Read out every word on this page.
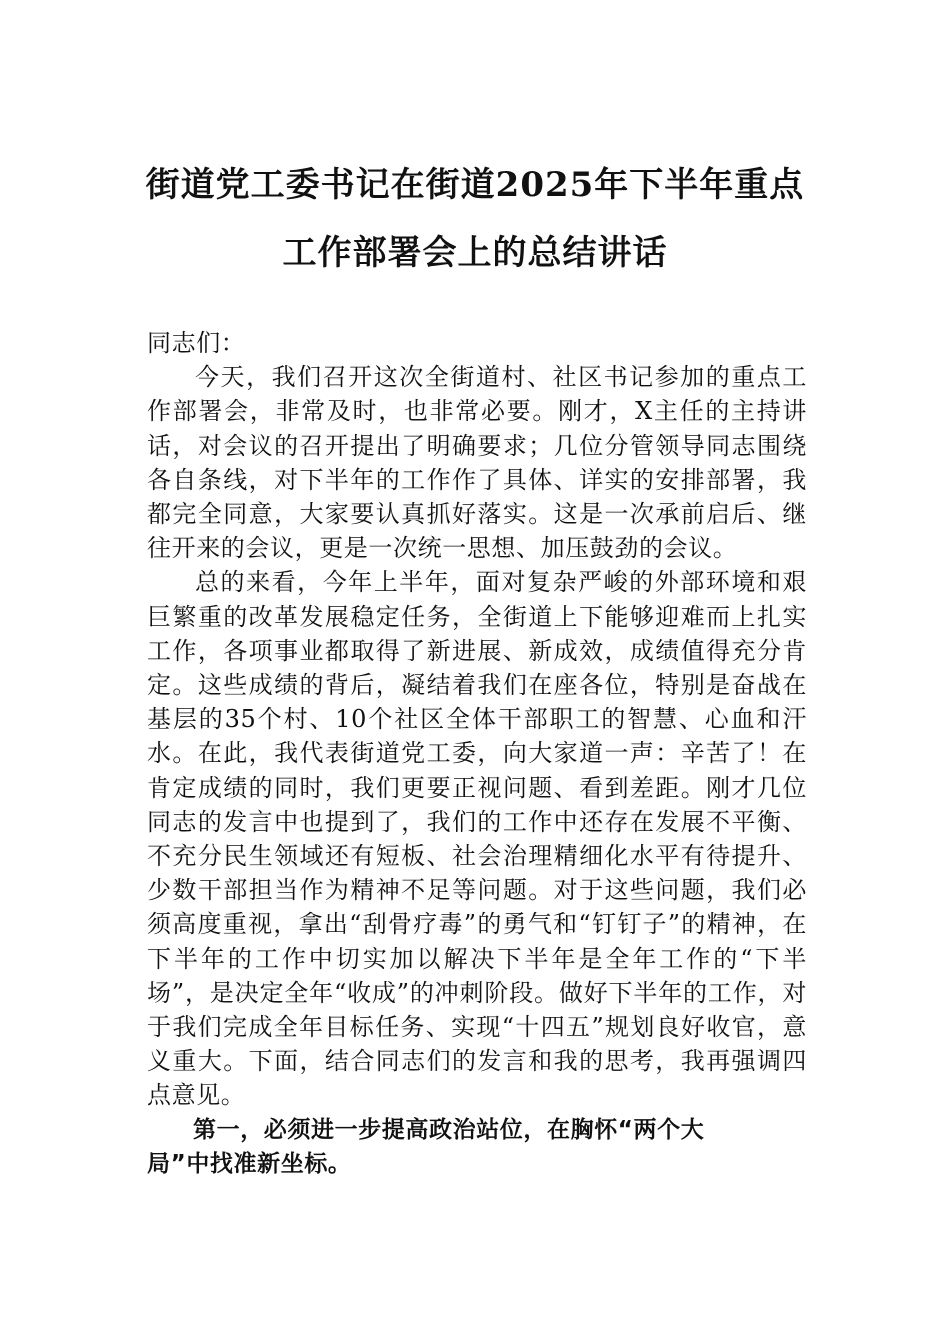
街道党工委书记在街道2025年下半年重点
工作部署会上的总结讲话

同志们：

今天，我们召开这次全街道村、社区书记参加的重点工作部署会，非常及时，也非常必要。刚才，X主任的主持讲话，对会议的召开提出了明确要求；几位分管领导同志围绕各自条线，对下半年的工作作了具体、详实的安排部署，我都完全同意，大家要认真抓好落实。这是一次承前启后、继往开来的会议，更是一次统一思想、加压鼓劲的会议。

总的来看，今年上半年，面对复杂严峻的外部环境和艰巨繁重的改革发展稳定任务，全街道上下能够迎难而上扎实工作，各项事业都取得了新进展、新成效，成绩值得充分肯定。这些成绩的背后，凝结着我们在座各位，特别是奋战在基层的35个村、10个社区全体干部职工的智慧、心血和汗水。在此，我代表街道党工委，向大家道一声：辛苦了！在肯定成绩的同时，我们更要正视问题、看到差距。刚才几位同志的发言中也提到了，我们的工作中还存在发展不平衡、不充分民生领域还有短板、社会治理精细化水平有待提升、少数干部担当作为精神不足等问题。对于这些问题，我们必须高度重视，拿出“刮骨疗毒”的勇气和“钉钉子”的精神，在下半年的工作中切实加以解决下半年是全年工作的“下半场”，是决定全年“收成”的冲刺阶段。做好下半年的工作，对于我们完成全年目标任务、实现“十四五”规划良好收官，意义重大。下面，结合同志们的发言和我的思考，我再强调四点意见。

第一，必须进一步提高政治站位，在胸怀“两个大局”中找准新坐标。
